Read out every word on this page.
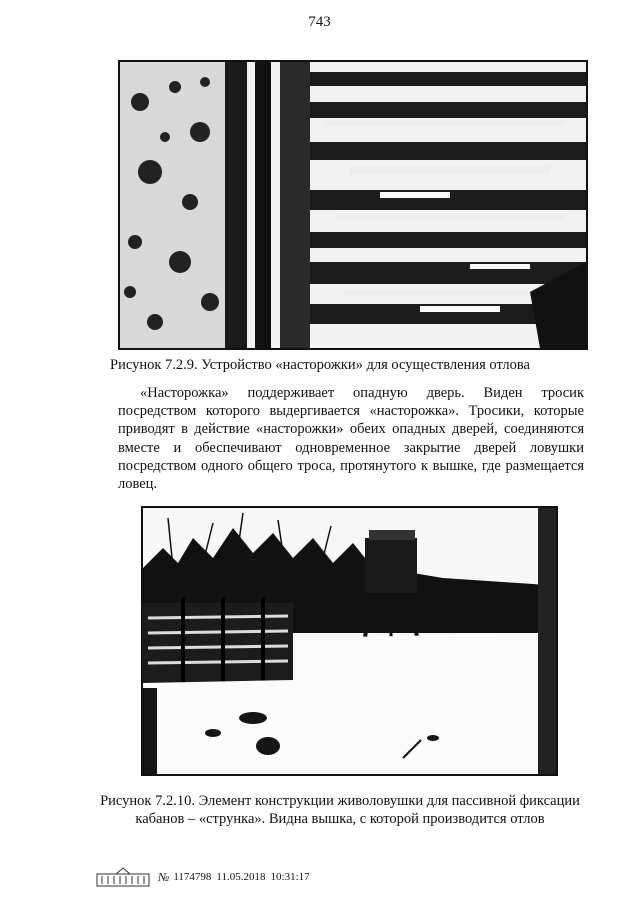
743
Рисунок 7.2.9. Устройство «насторожки» для осуществления отлова

«Насторожка» поддерживает опадную дверь. Виден тросик посредством которого выдергивается «насторожка». Тросики, которые приводят в действие «насторожки» обеих опадных дверей, соединяются вместе и обеспечивают одновременное закрытие дверей ловушки посредством одного общего троса, протянутого к вышке, где размещается ловец.

Рисунок 7.2.10. Элемент конструкции живоловушки для пассивной фиксации
кабанов – «струнка». Видна вышка, с которой производится отлов
№ 1174798 11.05.2018 10:31:17
